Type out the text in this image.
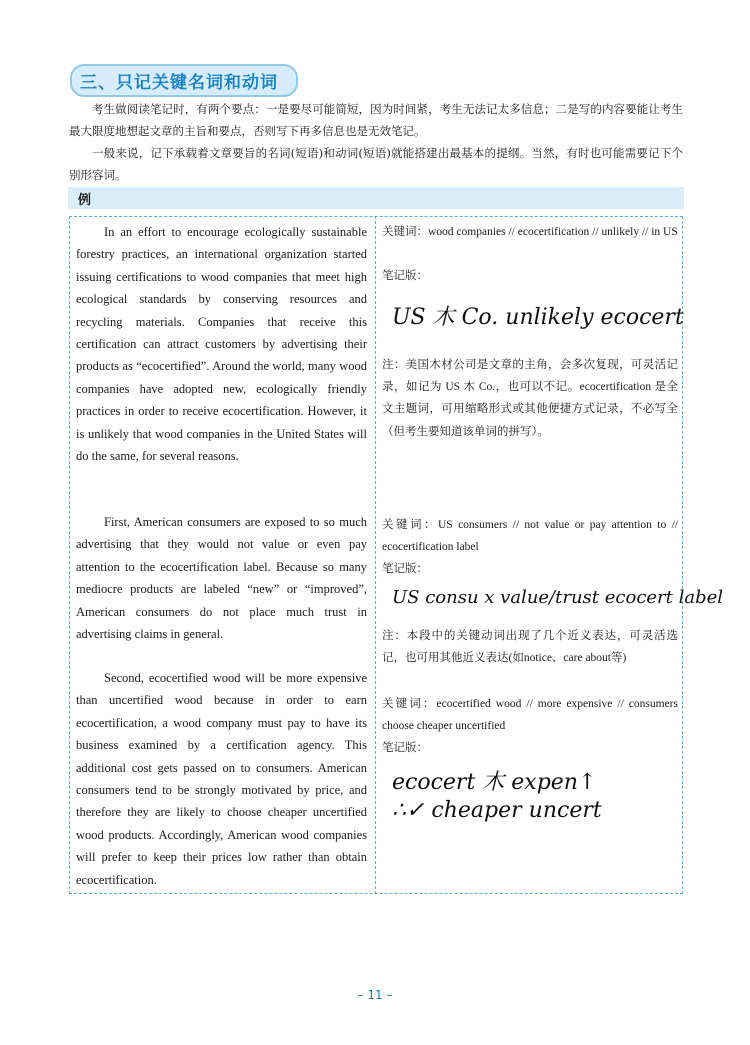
三、只记关键名词和动词

考生做阅读笔记时，有两个要点：一是要尽可能简短，因为时间紧，考生无法记太多信息；二是写的内容要能让考生最大限度地想起文章的主旨和要点，否则写下再多信息也是无效笔记。

一般来说，记下承载着文章要旨的名词(短语)和动词(短语)就能搭建出最基本的提纲。当然，有时也可能需要记下个别形容词。

例

In an effort to encourage ecologically sustainable forestry practices, an international organization started issuing certifications to wood companies that meet high ecological standards by conserving resources and recycling materials. Companies that receive this certification can attract customers by advertising their products as “ecocertified”. Around the world, many wood companies have adopted new, ecologically friendly practices in order to receive ecocertification. However, it is unlikely that wood companies in the United States will do the same, for several reasons.

First, American consumers are exposed to so much advertising that they would not value or even pay attention to the ecocertification label. Because so many mediocre products are labeled “new” or “improved”, American consumers do not place much trust in advertising claims in general.

Second, ecocertified wood will be more expensive than uncertified wood because in order to earn ecocertification, a wood company must pay to have its business examined by a certification agency. This additional cost gets passed on to consumers. American consumers tend to be strongly motivated by price, and therefore they are likely to choose cheaper uncertified wood products. Accordingly, American wood companies will prefer to keep their prices low rather than obtain ecocertification.

关键词：wood companies // ecocertification // unlikely // in US

笔记版：

US 木 Co. unlikely ecocert

注：美国木材公司是文章的主角，会多次复现，可灵活记录，如记为 US 木 Co.，也可以不记。ecocertification 是全文主题词，可用缩略形式或其他便捷方式记录，不必写全（但考生要知道该单词的拼写）。

关键词：US consumers // not value or pay attention to // ecocertification label

笔记版：

US consu x value/trust ecocert label

注：本段中的关键动词出现了几个近义表达，可灵活选记，也可用其他近义表达(如notice、care about等)

关键词：ecocertified wood // more expensive // consumers choose cheaper uncertified

笔记版：

ecocert 木 expen↑
∴✓ cheaper uncert
– 11 –
